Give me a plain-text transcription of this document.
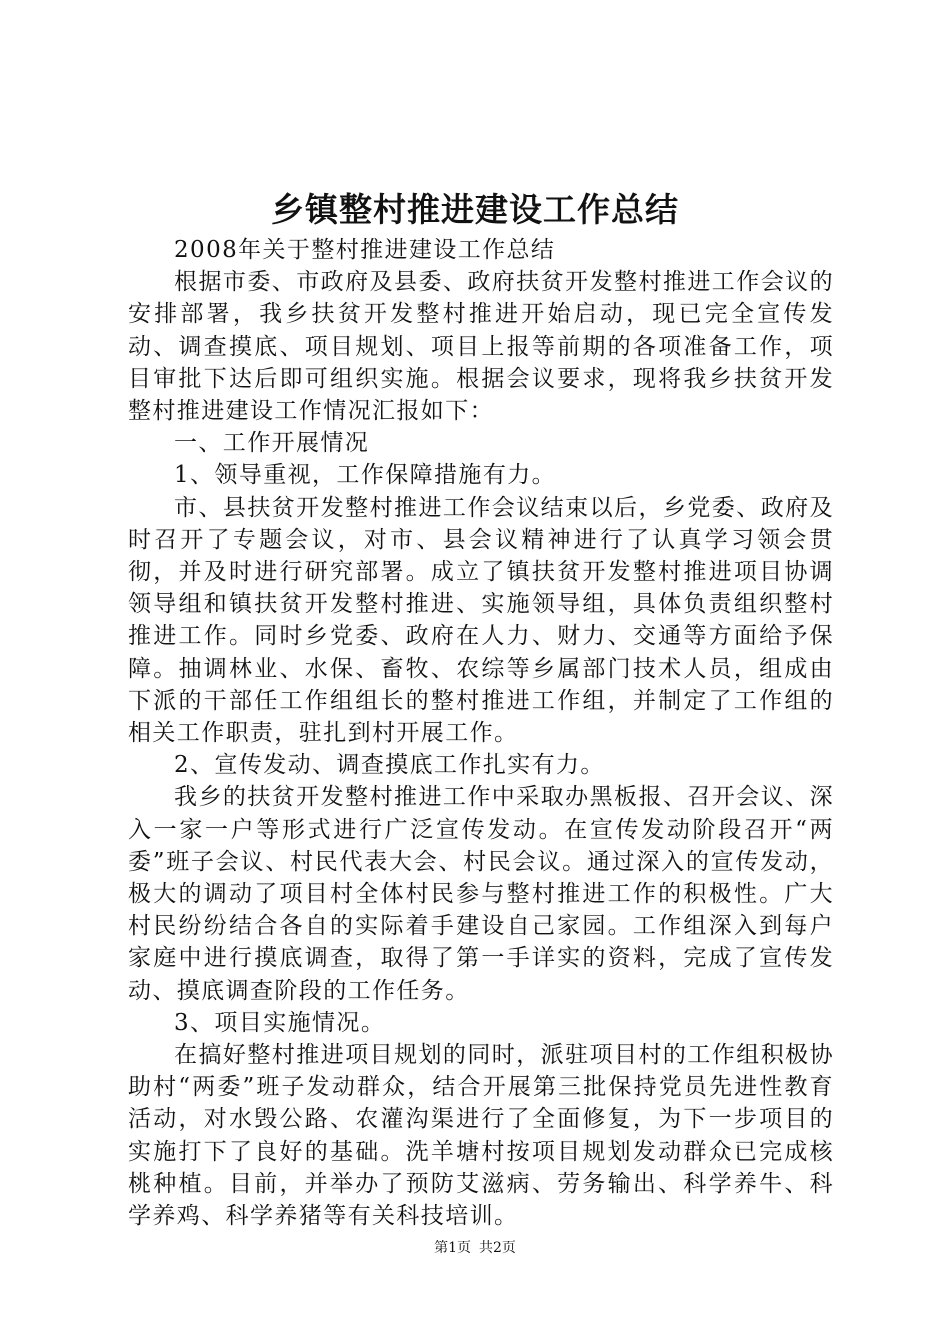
乡镇整村推进建设工作总结

2008年关于整村推进建设工作总结

根据市委、市政府及县委、政府扶贫开发整村推进工作会议的安排部署，我乡扶贫开发整村推进开始启动，现已完全宣传发动、调查摸底、项目规划、项目上报等前期的各项准备工作，项目审批下达后即可组织实施。根据会议要求，现将我乡扶贫开发整村推进建设工作情况汇报如下：

一、工作开展情况

1、领导重视，工作保障措施有力。

市、县扶贫开发整村推进工作会议结束以后，乡党委、政府及时召开了专题会议，对市、县会议精神进行了认真学习领会贯彻，并及时进行研究部署。成立了镇扶贫开发整村推进项目协调领导组和镇扶贫开发整村推进、实施领导组，具体负责组织整村推进工作。同时乡党委、政府在人力、财力、交通等方面给予保障。抽调林业、水保、畜牧、农综等乡属部门技术人员，组成由下派的干部任工作组组长的整村推进工作组，并制定了工作组的相关工作职责，驻扎到村开展工作。

2、宣传发动、调查摸底工作扎实有力。

我乡的扶贫开发整村推进工作中采取办黑板报、召开会议、深入一家一户等形式进行广泛宣传发动。在宣传发动阶段召开“两委”班子会议、村民代表大会、村民会议。通过深入的宣传发动，极大的调动了项目村全体村民参与整村推进工作的积极性。广大村民纷纷结合各自的实际着手建设自己家园。工作组深入到每户家庭中进行摸底调查，取得了第一手详实的资料，完成了宣传发动、摸底调查阶段的工作任务。

3、项目实施情况。

在搞好整村推进项目规划的同时，派驻项目村的工作组积极协助村“两委”班子发动群众，结合开展第三批保持党员先进性教育活动，对水毁公路、农灌沟渠进行了全面修复，为下一步项目的实施打下了良好的基础。洗羊塘村按项目规划发动群众已完成核桃种植。目前，并举办了预防艾滋病、劳务输出、科学养牛、科学养鸡、科学养猪等有关科技培训。

第1页 共2页
